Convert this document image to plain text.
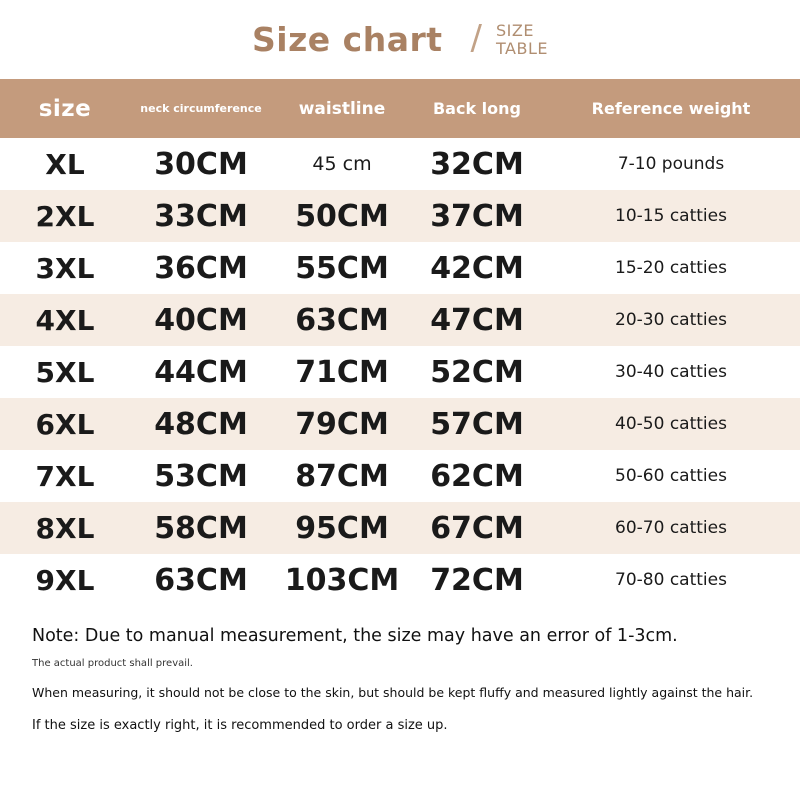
Size chart / SIZE
TABLE
size	neck circumference	waistline	Back long	Reference weight
XL	30CM	45 cm	32CM	7-10 pounds
2XL	33CM	50CM	37CM	10-15 catties
3XL	36CM	55CM	42CM	15-20 catties
4XL	40CM	63CM	47CM	20-30 catties
5XL	44CM	71CM	52CM	30-40 catties
6XL	48CM	79CM	57CM	40-50 catties
7XL	53CM	87CM	62CM	50-60 catties
8XL	58CM	95CM	67CM	60-70 catties
9XL	63CM	103CM	72CM	70-80 catties
Note: Due to manual measurement, the size may have an error of 1-3cm.
The actual product shall prevail.
When measuring, it should not be close to the skin, but should be kept fluffy and measured lightly against the hair.
If the size is exactly right, it is recommended to order a size up.
